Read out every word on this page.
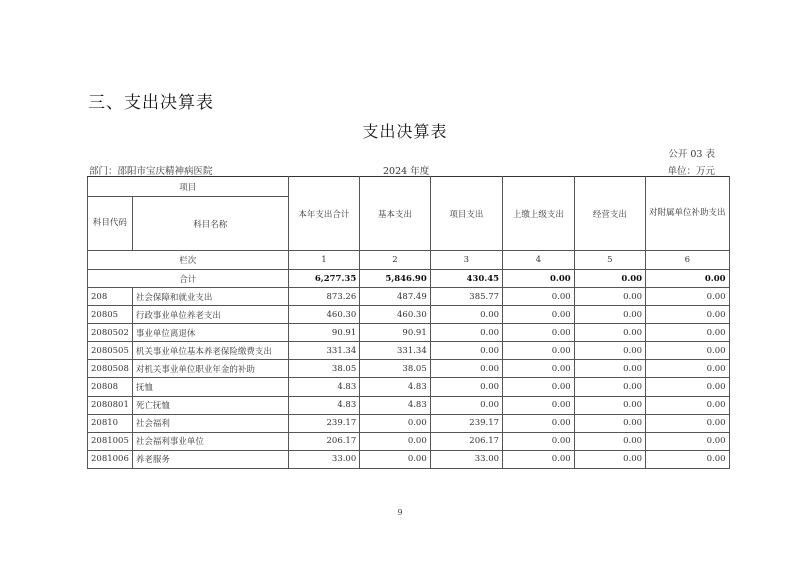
三、支出决算表
支出决算表
公开 03 表
部门：邵阳市宝庆精神病医院	2024 年度	单位：万元
项目		本年支出合计	基本支出	项目支出	上缴上级支出	经营支出	对附属单位补助支出
科目代码	科目名称						
栏次		1	2	3	4	5	6
合计		6,277.35	5,846.90	430.45	0.00	0.00	0.00
208	社会保障和就业支出	873.26	487.49	385.77	0.00	0.00	0.00
20805	行政事业单位养老支出	460.30	460.30	0.00	0.00	0.00	0.00
2080502	事业单位离退休	90.91	90.91	0.00	0.00	0.00	0.00
2080505	机关事业单位基本养老保险缴费支出	331.34	331.34	0.00	0.00	0.00	0.00
2080508	对机关事业单位职业年金的补助	38.05	38.05	0.00	0.00	0.00	0.00
20808	抚恤	4.83	4.83	0.00	0.00	0.00	0.00
2080801	死亡抚恤	4.83	4.83	0.00	0.00	0.00	0.00
20810	社会福利	239.17	0.00	239.17	0.00	0.00	0.00
2081005	社会福利事业单位	206.17	0.00	206.17	0.00	0.00	0.00
2081006	养老服务	33.00	0.00	33.00	0.00	0.00	0.00
9
